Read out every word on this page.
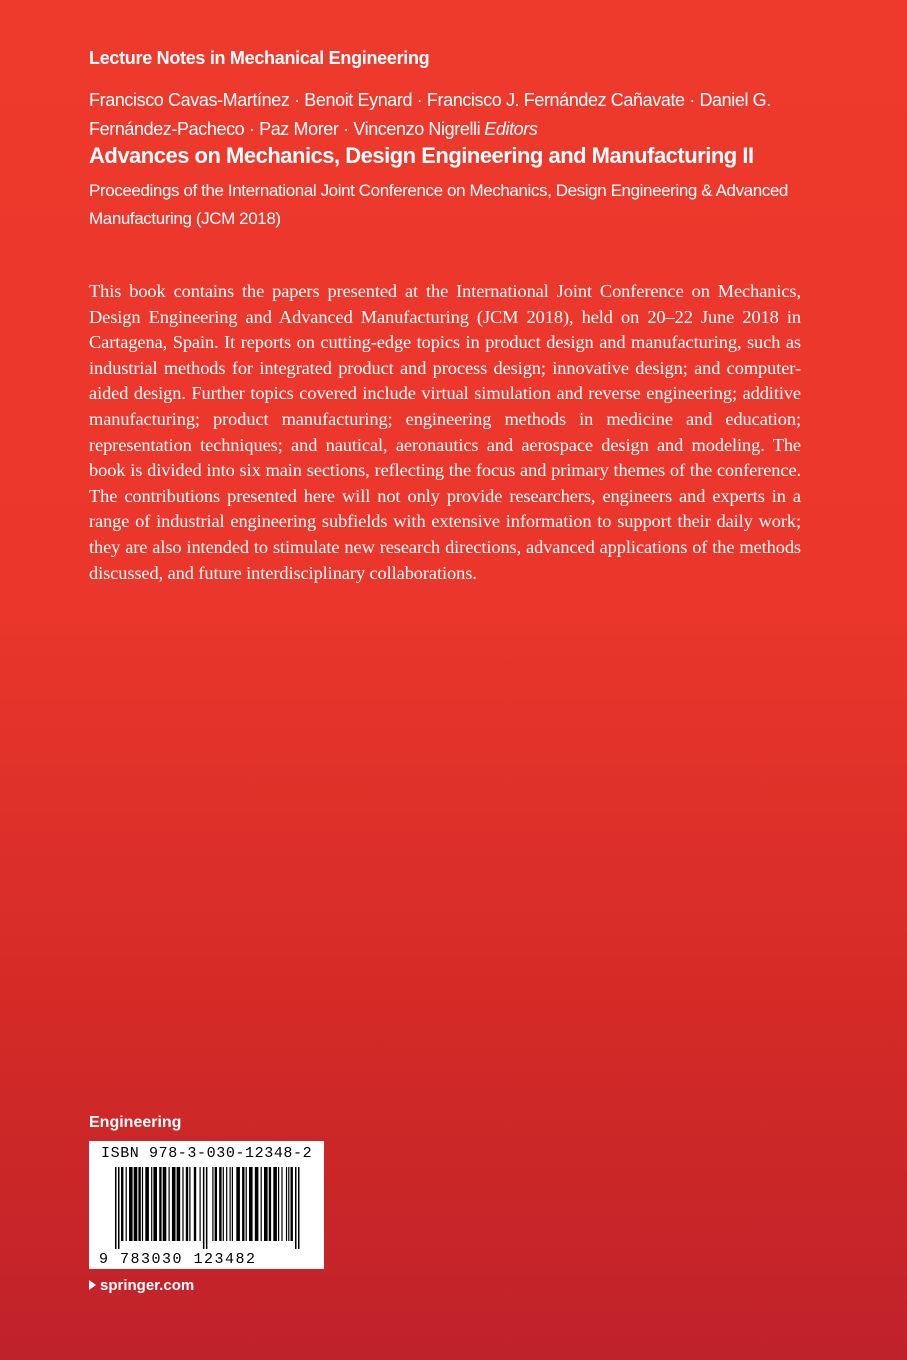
Lecture Notes in Mechanical Engineering
Francisco Cavas-Martínez · Benoit Eynard · Francisco J. Fernández Cañavate · Daniel G. Fernández-Pacheco · Paz Morer · Vincenzo Nigrelli Editors
Advances on Mechanics, Design Engineering and Manufacturing II
Proceedings of the International Joint Conference on Mechanics, Design Engineering & Advanced Manufacturing (JCM 2018)
This book contains the papers presented at the International Joint Conference on Mechanics, Design Engineering and Advanced Manufacturing (JCM 2018), held on 20–22 June 2018 in Cartagena, Spain. It reports on cutting-edge topics in product design and manufacturing, such as industrial methods for integrated product and process design; innovative design; and computer-aided design. Further topics covered include virtual simulation and reverse engineering; additive manufacturing; product manufacturing; engineering methods in medicine and education; representation techniques; and nautical, aeronautics and aerospace design and modeling. The book is divided into six main sections, reflecting the focus and primary themes of the conference. The contributions presented here will not only provide researchers, engineers and experts in a range of industrial engineering subfields with extensive information to support their daily work; they are also intended to stimulate new research directions, advanced applications of the methods discussed, and future interdisciplinary collaborations.
Engineering
ISBN 978-3-030-12348-2
9 783030 123482
springer.com
